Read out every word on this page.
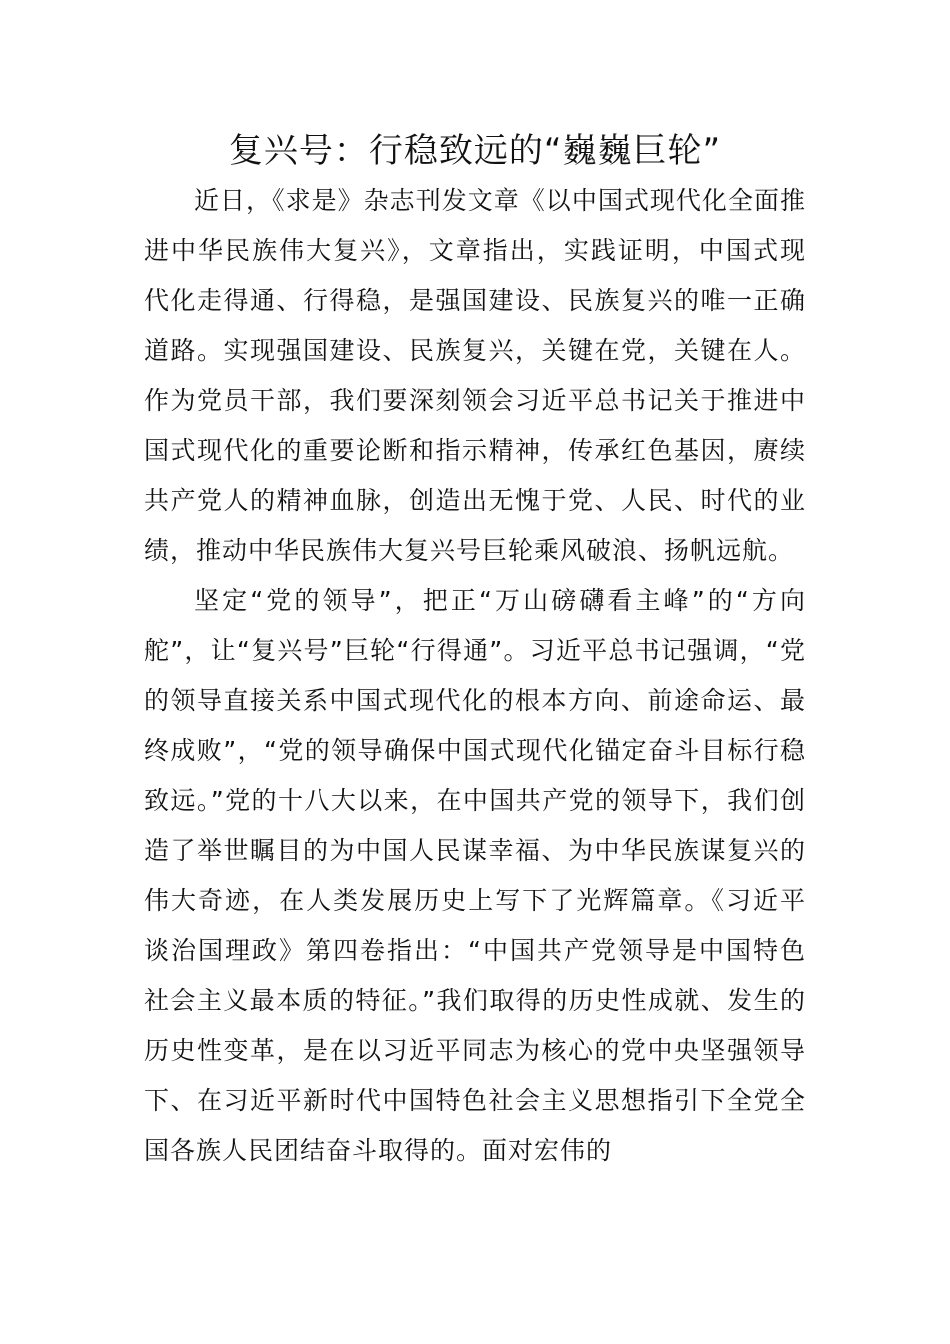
复兴号：行稳致远的“巍巍巨轮”

近日，《求是》杂志刊发文章《以中国式现代化全面推进中华民族伟大复兴》，文章指出，实践证明，中国式现代化走得通、行得稳，是强国建设、民族复兴的唯一正确道路。实现强国建设、民族复兴，关键在党，关键在人。作为党员干部，我们要深刻领会习近平总书记关于推进中国式现代化的重要论断和指示精神，传承红色基因，赓续共产党人的精神血脉，创造出无愧于党、人民、时代的业绩，推动中华民族伟大复兴号巨轮乘风破浪、扬帆远航。

坚定“党的领导”，把正“万山磅礴看主峰”的“方向舵”，让“复兴号”巨轮“行得通”。习近平总书记强调，“党的领导直接关系中国式现代化的根本方向、前途命运、最终成败”，“党的领导确保中国式现代化锚定奋斗目标行稳致远。”党的十八大以来，在中国共产党的领导下，我们创造了举世瞩目的为中国人民谋幸福、为中华民族谋复兴的伟大奇迹，在人类发展历史上写下了光辉篇章。《习近平谈治国理政》第四卷指出：“中国共产党领导是中国特色社会主义最本质的特征。”我们取得的历史性成就、发生的历史性变革，是在以习近平同志为核心的党中央坚强领导下、在习近平新时代中国特色社会主义思想指引下全党全国各族人民团结奋斗取得的。面对宏伟的
